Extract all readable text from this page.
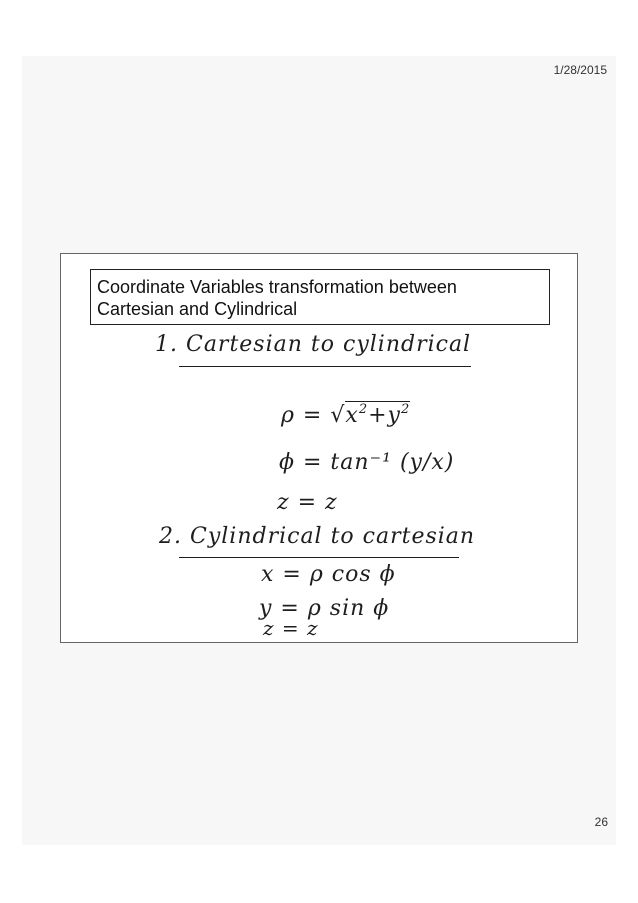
1/28/2015
Coordinate Variables transformation between
Cartesian and Cylindrical
1. Cartesian to cylindrical
$\rho = √x^2+y^2$
ϕ = tan⁻¹ (y/x)
z = z
2. Cylindrical to cartesian
x = ρ cos ϕ
y = ρ sin ϕ
z = z
26
